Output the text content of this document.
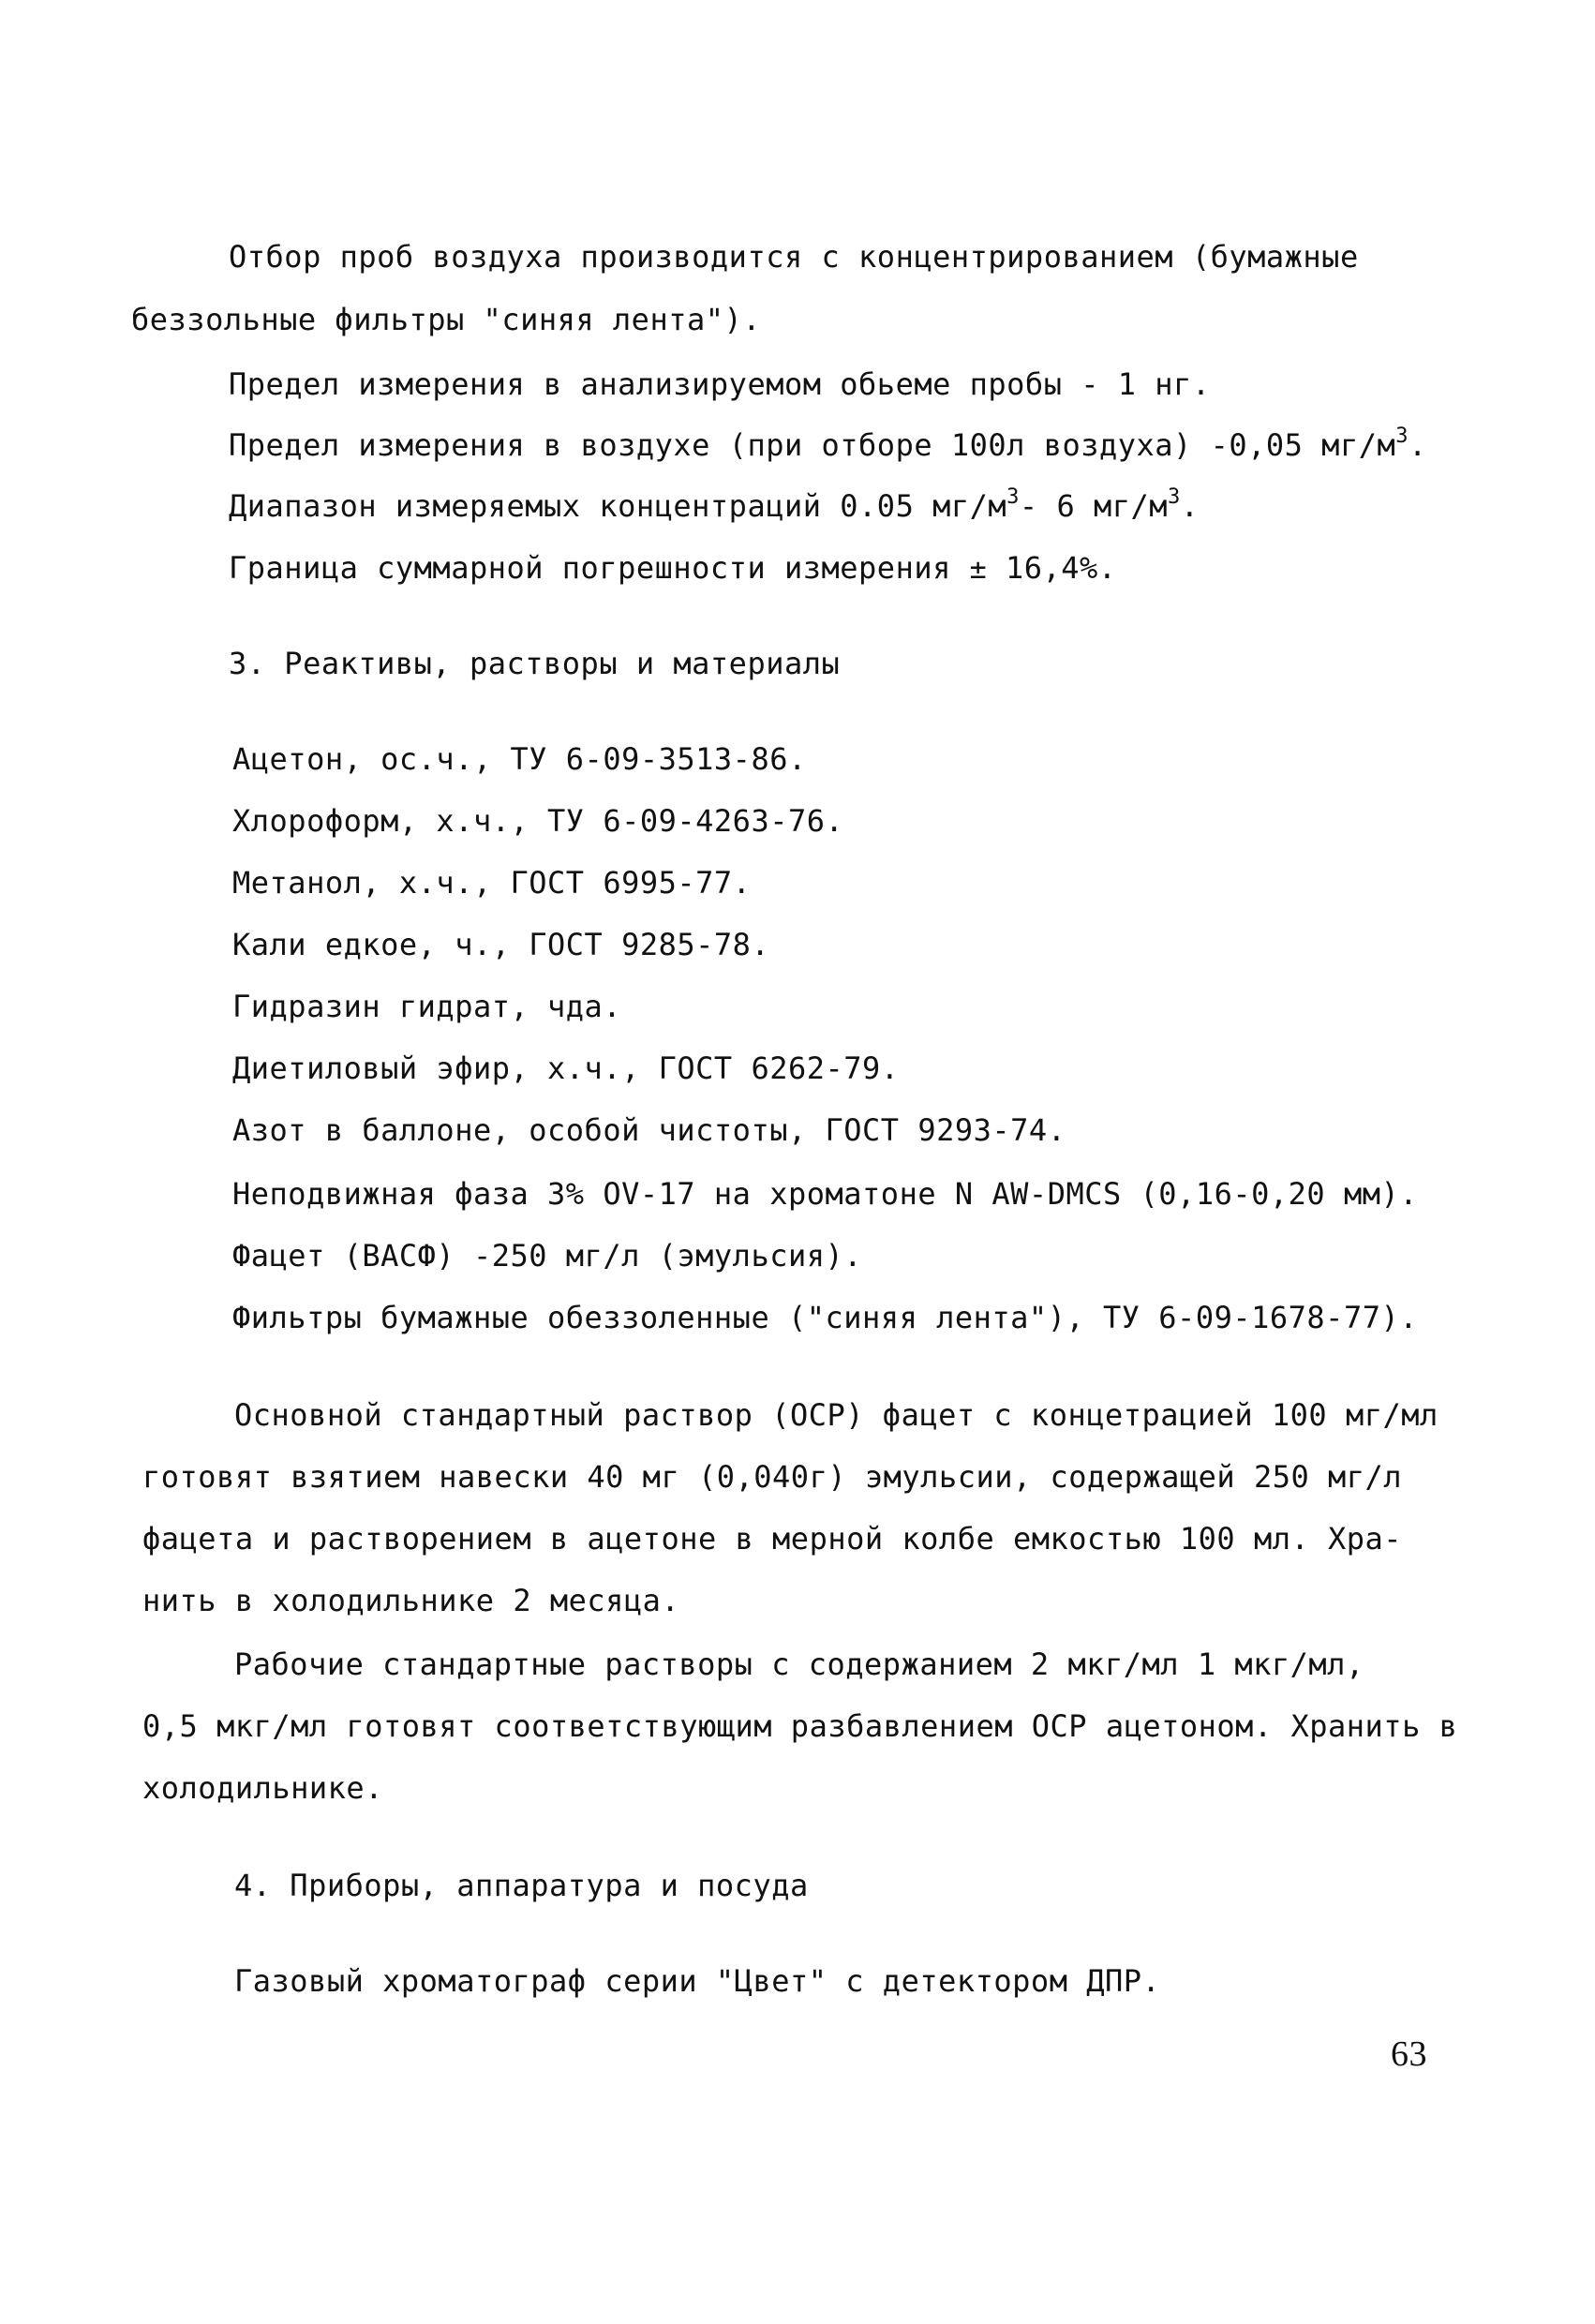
Отбор проб воздуха производится с концентрированием (бумажные
беззольные фильтры "синяя лента").
Предел измерения в анализируемом обьеме пробы - 1 нг.
Предел измерения в воздухе (при отборе 100л воздуха) -0,05 $мг/м^3$.
Диапазон измеряемых концентраций 0.05 $мг/м^3-$ 6 $мг/м^3$.
Граница суммарной погрешности измерения ± 16,4%.
3. Реактивы, растворы и материалы
Ацетон, ос.ч., ТУ 6-09-3513-86.
Хлороформ, х.ч., ТУ 6-09-4263-76.
Метанол, х.ч., ГОСТ 6995-77.
Кали едкое, ч., ГОСТ 9285-78.
Гидразин гидрат, чда.
Диетиловый эфир, х.ч., ГОСТ 6262-79.
Азот в баллоне, особой чистоты, ГОСТ 9293-74.
Неподвижная фаза 3% OV-17 на хроматоне N AW-DMCS (0,16-0,20 мм).
Фацет (ВАСФ) -250 мг/л (эмульсия).
Фильтры бумажные обеззоленные ("синяя лента"), ТУ 6-09-1678-77).
Основной стандартный раствор (ОСР) фацет с концетрацией 100 мг/мл
готовят взятием навески 40 мг (0,040г) эмульсии, содержащей 250 мг/л
фацета и растворением в ацетоне в мерной колбе емкостью 100 мл. Хра-
нить в холодильнике 2 месяца.
Рабочие стандартные растворы с содержанием 2 мкг/мл 1 мкг/мл,
0,5 мкг/мл готовят соответствующим разбавлением ОСР ацетоном. Хранить в
холодильнике.
4. Приборы, аппаратура и посуда
Газовый хроматограф серии "Цвет" с детектором ДПР.
63
